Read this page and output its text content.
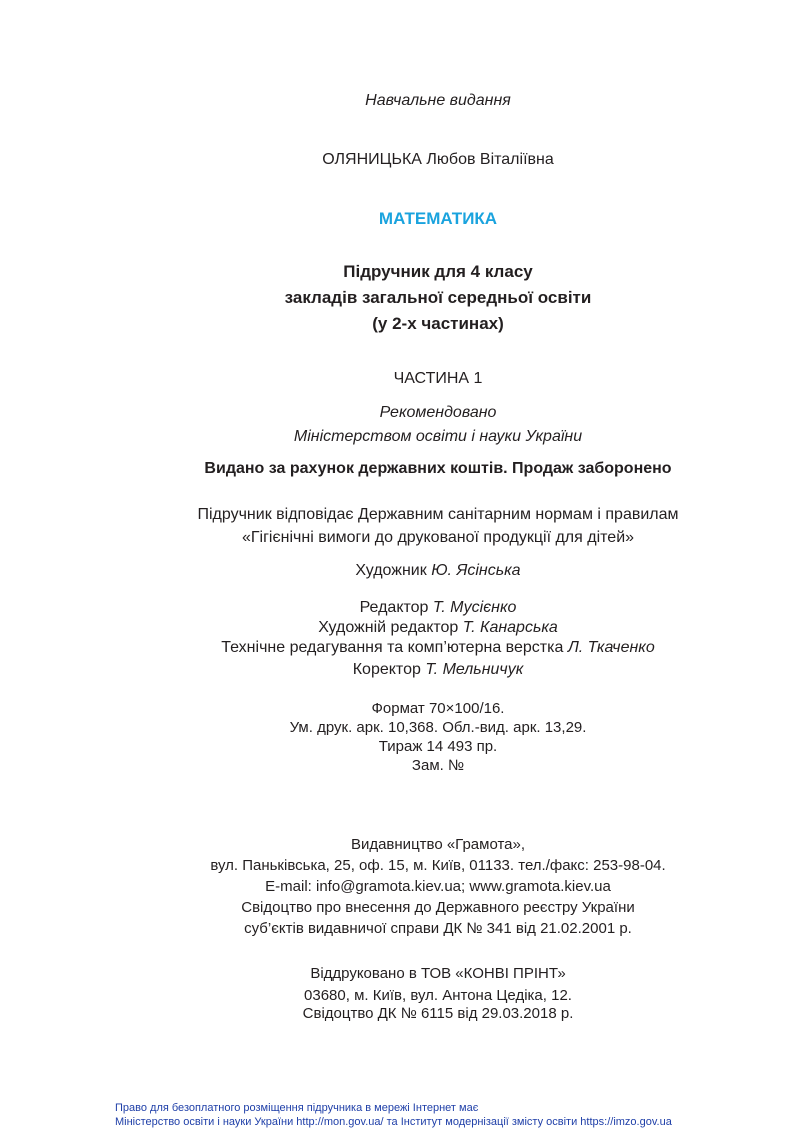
Навчальне видання
ОЛЯНИЦЬКА Любов Віталіївна
МАТЕМАТИКА
Підручник для 4 класу
закладів загальної середньої освіти
(у 2-х частинах)
ЧАСТИНА 1
Рекомендовано
Міністерством освіти і науки України
Видано за рахунок державних коштів. Продаж заборонено
Підручник відповідає Державним санітарним нормам і правилам
«Гігієнічні вимоги до друкованої продукції для дітей»
Художник Ю. Ясінська
Редактор Т. Мусієнко
Художній редактор Т. Канарська
Технічне редагування та комп’ютерна верстка Л. Ткаченко
Коректор Т. Мельничук
Формат 70×100/16.
Ум. друк. арк. 10,368. Обл.-вид. арк. 13,29.
Тираж 14 493 пр.
Зам. №
Видавництво «Грамота»,
вул. Паньківська, 25, оф. 15, м. Київ, 01133. тел./факс: 253-98-04.
E-mail: info@gramota.kiev.ua; www.gramota.kiev.ua
Свідоцтво про внесення до Державного реєстру України
суб’єктів видавничої справи ДК № 341 від 21.02.2001 р.
Віддруковано в ТОВ «КОНВІ ПРІНТ»
03680, м. Київ, вул. Антона Цедіка, 12.
Свідоцтво ДК № 6115 від 29.03.2018 р.
Право для безоплатного розміщення підручника в мережі Інтернет має
Міністерство освіти і науки України http://mon.gov.ua/ та Інститут модернізації змісту освіти https://imzo.gov.ua
